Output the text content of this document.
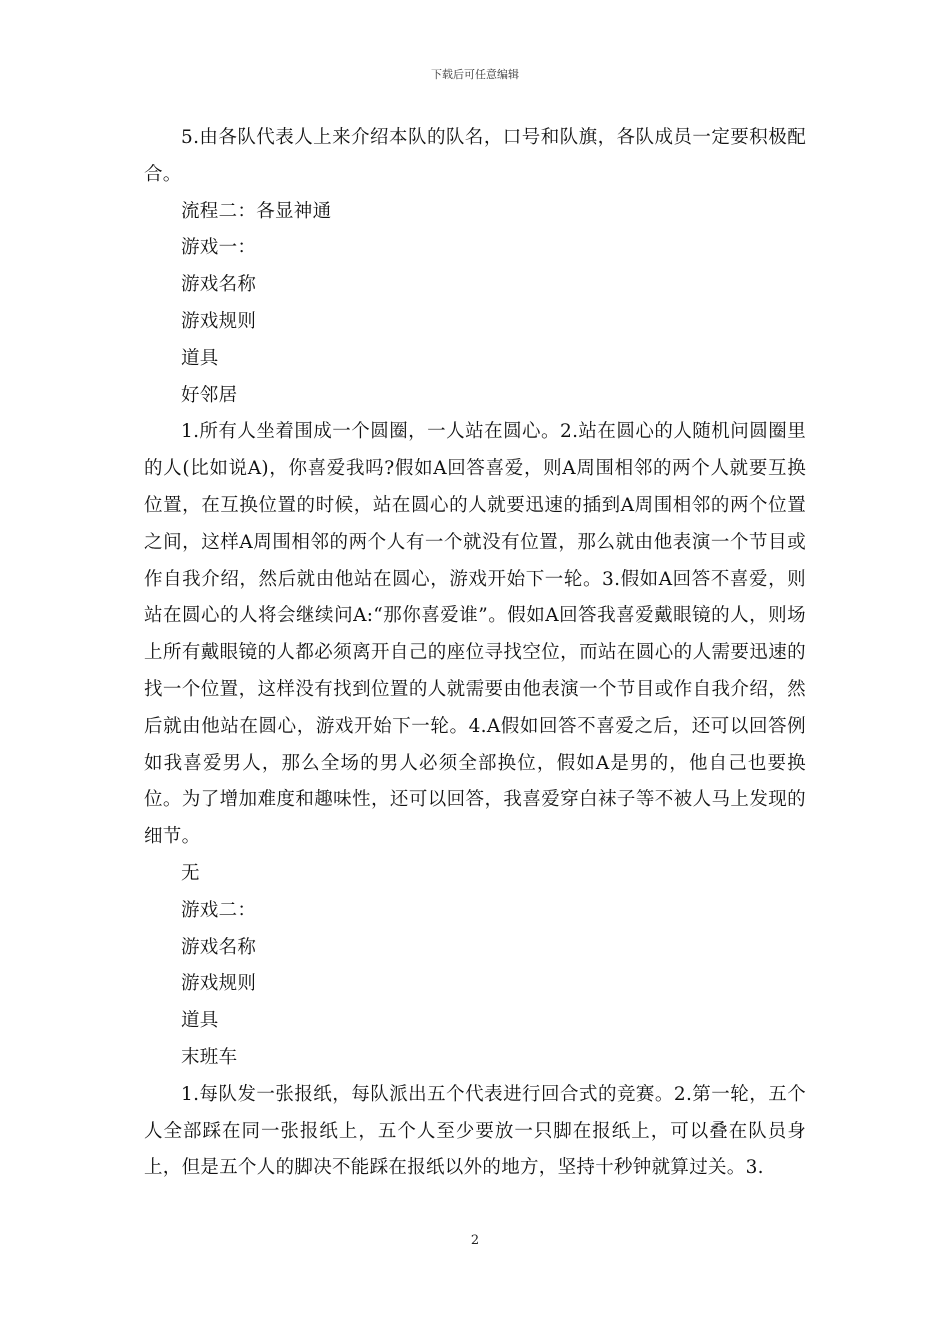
下载后可任意编辑

5.由各队代表人上来介绍本队的队名，口号和队旗，各队成员一定要积极配合。

流程二：各显神通

游戏一：

游戏名称

游戏规则

道具

好邻居

1.所有人坐着围成一个圆圈，一人站在圆心。2.站在圆心的人随机问圆圈里的人(比如说A)，你喜爱我吗?假如A回答喜爱，则A周围相邻的两个人就要互换位置，在互换位置的时候，站在圆心的人就要迅速的插到A周围相邻的两个位置之间，这样A周围相邻的两个人有一个就没有位置，那么就由他表演一个节目或作自我介绍，然后就由他站在圆心，游戏开始下一轮。3.假如A回答不喜爱，则站在圆心的人将会继续问A:“那你喜爱谁”。假如A回答我喜爱戴眼镜的人，则场上所有戴眼镜的人都必须离开自己的座位寻找空位，而站在圆心的人需要迅速的找一个位置，这样没有找到位置的人就需要由他表演一个节目或作自我介绍，然后就由他站在圆心，游戏开始下一轮。4.A假如回答不喜爱之后，还可以回答例如我喜爱男人，那么全场的男人必须全部换位，假如A是男的，他自己也要换位。为了增加难度和趣味性，还可以回答，我喜爱穿白袜子等不被人马上发现的细节。

无

游戏二：

游戏名称

游戏规则

道具

末班车

1.每队发一张报纸，每队派出五个代表进行回合式的竞赛。2.第一轮，五个人全部踩在同一张报纸上，五个人至少要放一只脚在报纸上，可以叠在队员身上，但是五个人的脚决不能踩在报纸以外的地方，坚持十秒钟就算过关。3.

2
